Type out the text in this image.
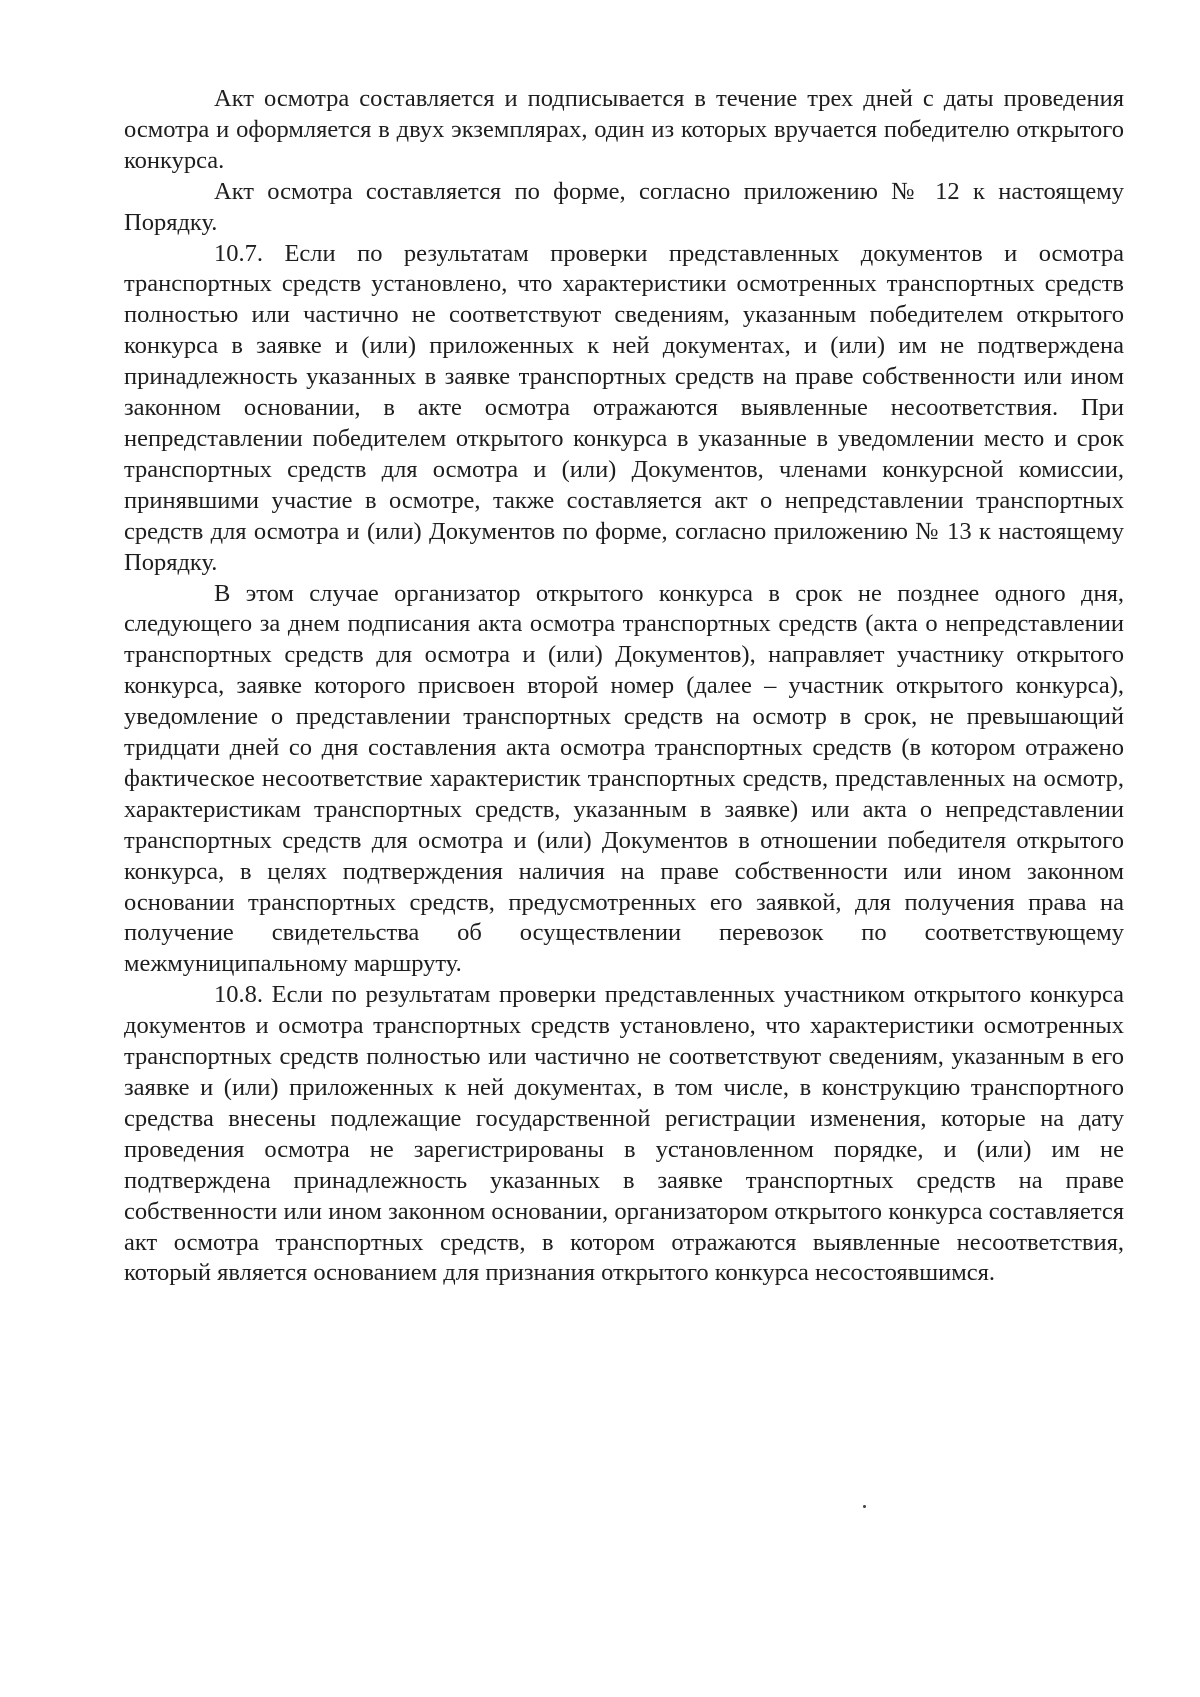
Акт осмотра составляется и подписывается в течение трех дней с даты проведения осмотра и оформляется в двух экземплярах, один из которых вручается победителю открытого конкурса.

Акт осмотра составляется по форме, согласно приложению № 12 к настоящему Порядку.

10.7. Если по результатам проверки представленных документов и осмотра транспортных средств установлено, что характеристики осмотренных транспортных средств полностью или частично не соответствуют сведениям, указанным победителем открытого конкурса в заявке и (или) приложенных к ней документах, и (или) им не подтверждена принадлежность указанных в заявке транспортных средств на праве собственности или ином законном основании, в акте осмотра отражаются выявленные несоответствия. При непредставлении победителем открытого конкурса в указанные в уведомлении место и срок транспортных средств для осмотра и (или) Документов, членами конкурсной комиссии, принявшими участие в осмотре, также составляется акт о непредставлении транспортных средств для осмотра и (или) Документов по форме, согласно приложению № 13 к настоящему Порядку.

В этом случае организатор открытого конкурса в срок не позднее одного дня, следующего за днем подписания акта осмотра транспортных средств (акта о непредставлении транспортных средств для осмотра и (или) Документов), направляет участнику открытого конкурса, заявке которого присвоен второй номер (далее – участник открытого конкурса), уведомление о представлении транспортных средств на осмотр в срок, не превышающий тридцати дней со дня составления акта осмотра транспортных средств (в котором отражено фактическое несоответствие характеристик транспортных средств, представленных на осмотр, характеристикам транспортных средств, указанным в заявке) или акта о непредставлении транспортных средств для осмотра и (или) Документов в отношении победителя открытого конкурса, в целях подтверждения наличия на праве собственности или ином законном основании транспортных средств, предусмотренных его заявкой, для получения права на получение свидетельства об осуществлении перевозок по соответствующему межмуниципальному маршруту.

10.8. Если по результатам проверки представленных участником открытого конкурса документов и осмотра транспортных средств установлено, что характеристики осмотренных транспортных средств полностью или частично не соответствуют сведениям, указанным в его заявке и (или) приложенных к ней документах, в том числе, в конструкцию транспортного средства внесены подлежащие государственной регистрации изменения, которые на дату проведения осмотра не зарегистрированы в установленном порядке, и (или) им не подтверждена принадлежность указанных в заявке транспортных средств на праве собственности или ином законном основании, организатором открытого конкурса составляется акт осмотра транспортных средств, в котором отражаются выявленные несоответствия, который является основанием для признания открытого конкурса несостоявшимся.
